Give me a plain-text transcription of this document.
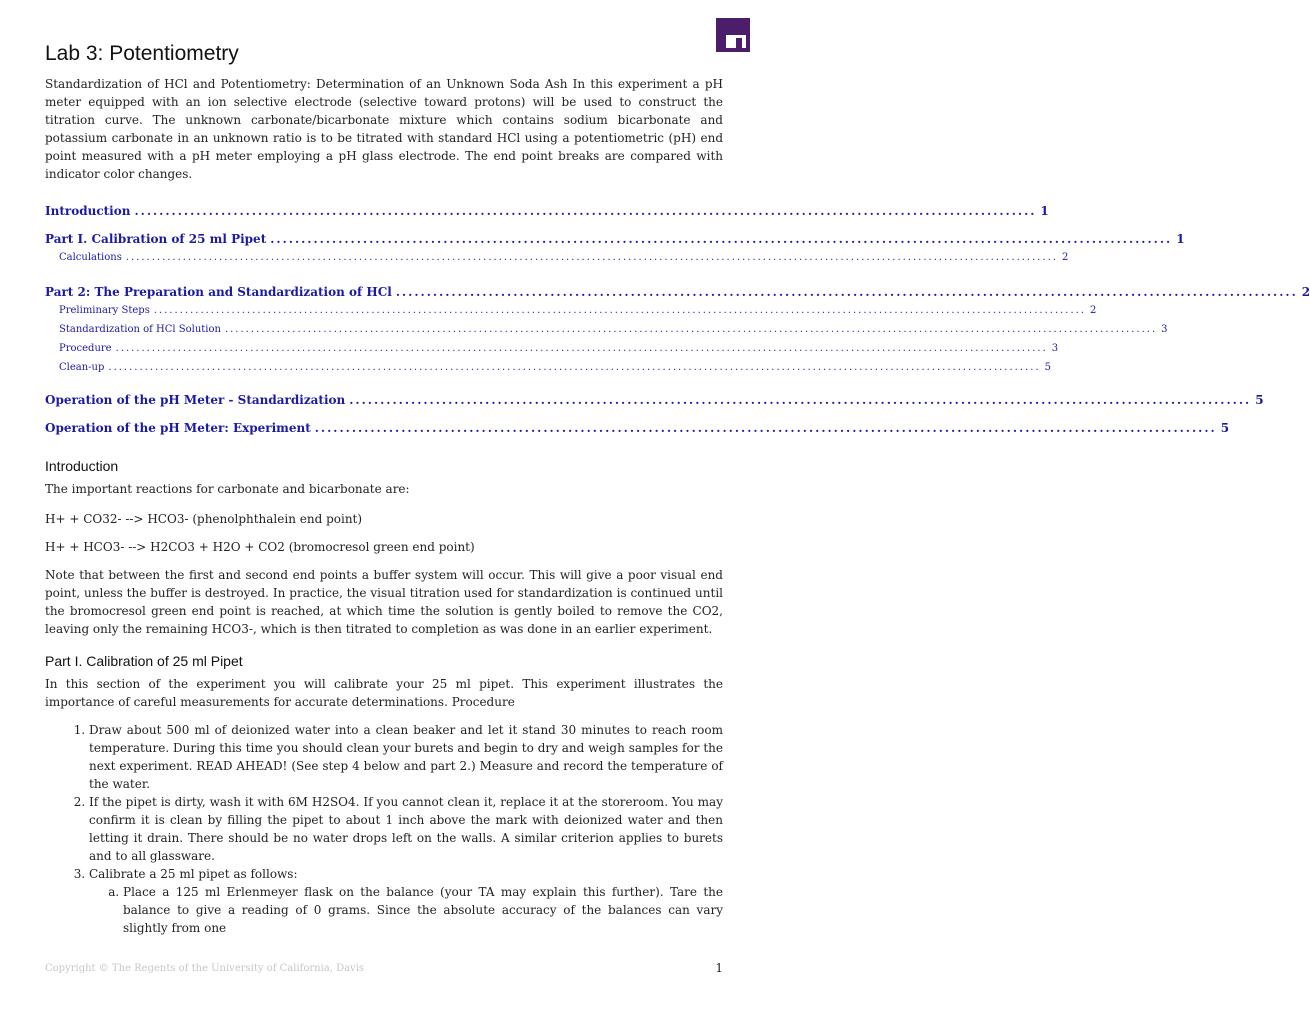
Lab 3: Potentiometry

Standardization of HCl and Potentiometry: Determination of an Unknown Soda Ash In this experiment a pH meter equipped with an ion selective electrode (selective toward protons) will be used to construct the titration curve. The unknown carbonate/bicarbonate mixture which contains sodium bicarbonate and potassium carbonate in an unknown ratio is to be titrated with standard HCl using a potentiometric (pH) end point measured with a pH meter employing a pH glass electrode. The end point breaks are compared with indicator color changes.

Introduction .................................................................................................................................................. 1
Part I. Calibration of 25 ml Pipet .................................................................................................................................................. 1
Calculations .................................................................................................................................................................................... 2
Part 2: The Preparation and Standardization of HCl .................................................................................................................................................. 2
Preliminary Steps .................................................................................................................................................................................... 2
Standardization of HCl Solution .................................................................................................................................................................................... 3
Procedure .................................................................................................................................................................................... 3
Clean-up .................................................................................................................................................................................... 5
Operation of the pH Meter - Standardization .................................................................................................................................................. 5
Operation of the pH Meter: Experiment .................................................................................................................................................. 5
Introduction

The important reactions for carbonate and bicarbonate are:

H+ + CO32- --> HCO3- (phenolphthalein end point)

H+ + HCO3- --> H2CO3 + H2O + CO2 (bromocresol green end point)

Note that between the first and second end points a buffer system will occur. This will give a poor visual end point, unless the buffer is destroyed. In practice, the visual titration used for standardization is continued until the bromocresol green end point is reached, at which time the solution is gently boiled to remove the CO2, leaving only the remaining HCO3-, which is then titrated to completion as was done in an earlier experiment.

Part I. Calibration of 25 ml Pipet

In this section of the experiment you will calibrate your 25 ml pipet. This experiment illustrates the importance of careful measurements for accurate determinations. Procedure

1. Draw about 500 ml of deionized water into a clean beaker and let it stand 30 minutes to reach room temperature. During this time you should clean your burets and begin to dry and weigh samples for the next experiment. READ AHEAD! (See step 4 below and part 2.) Measure and record the temperature of the water.
2. If the pipet is dirty, wash it with 6M H2SO4. If you cannot clean it, replace it at the storeroom. You may confirm it is clean by filling the pipet to about 1 inch above the mark with deionized water and then letting it drain. There should be no water drops left on the walls. A similar criterion applies to burets and to all glassware.
3. Calibrate a 25 ml pipet as follows:
a. Place a 125 ml Erlenmeyer flask on the balance (your TA may explain this further). Tare the balance to give a reading of 0 grams. Since the absolute accuracy of the balances can vary slightly from one
Copyright © The Regents of the University of California, Davis	1
